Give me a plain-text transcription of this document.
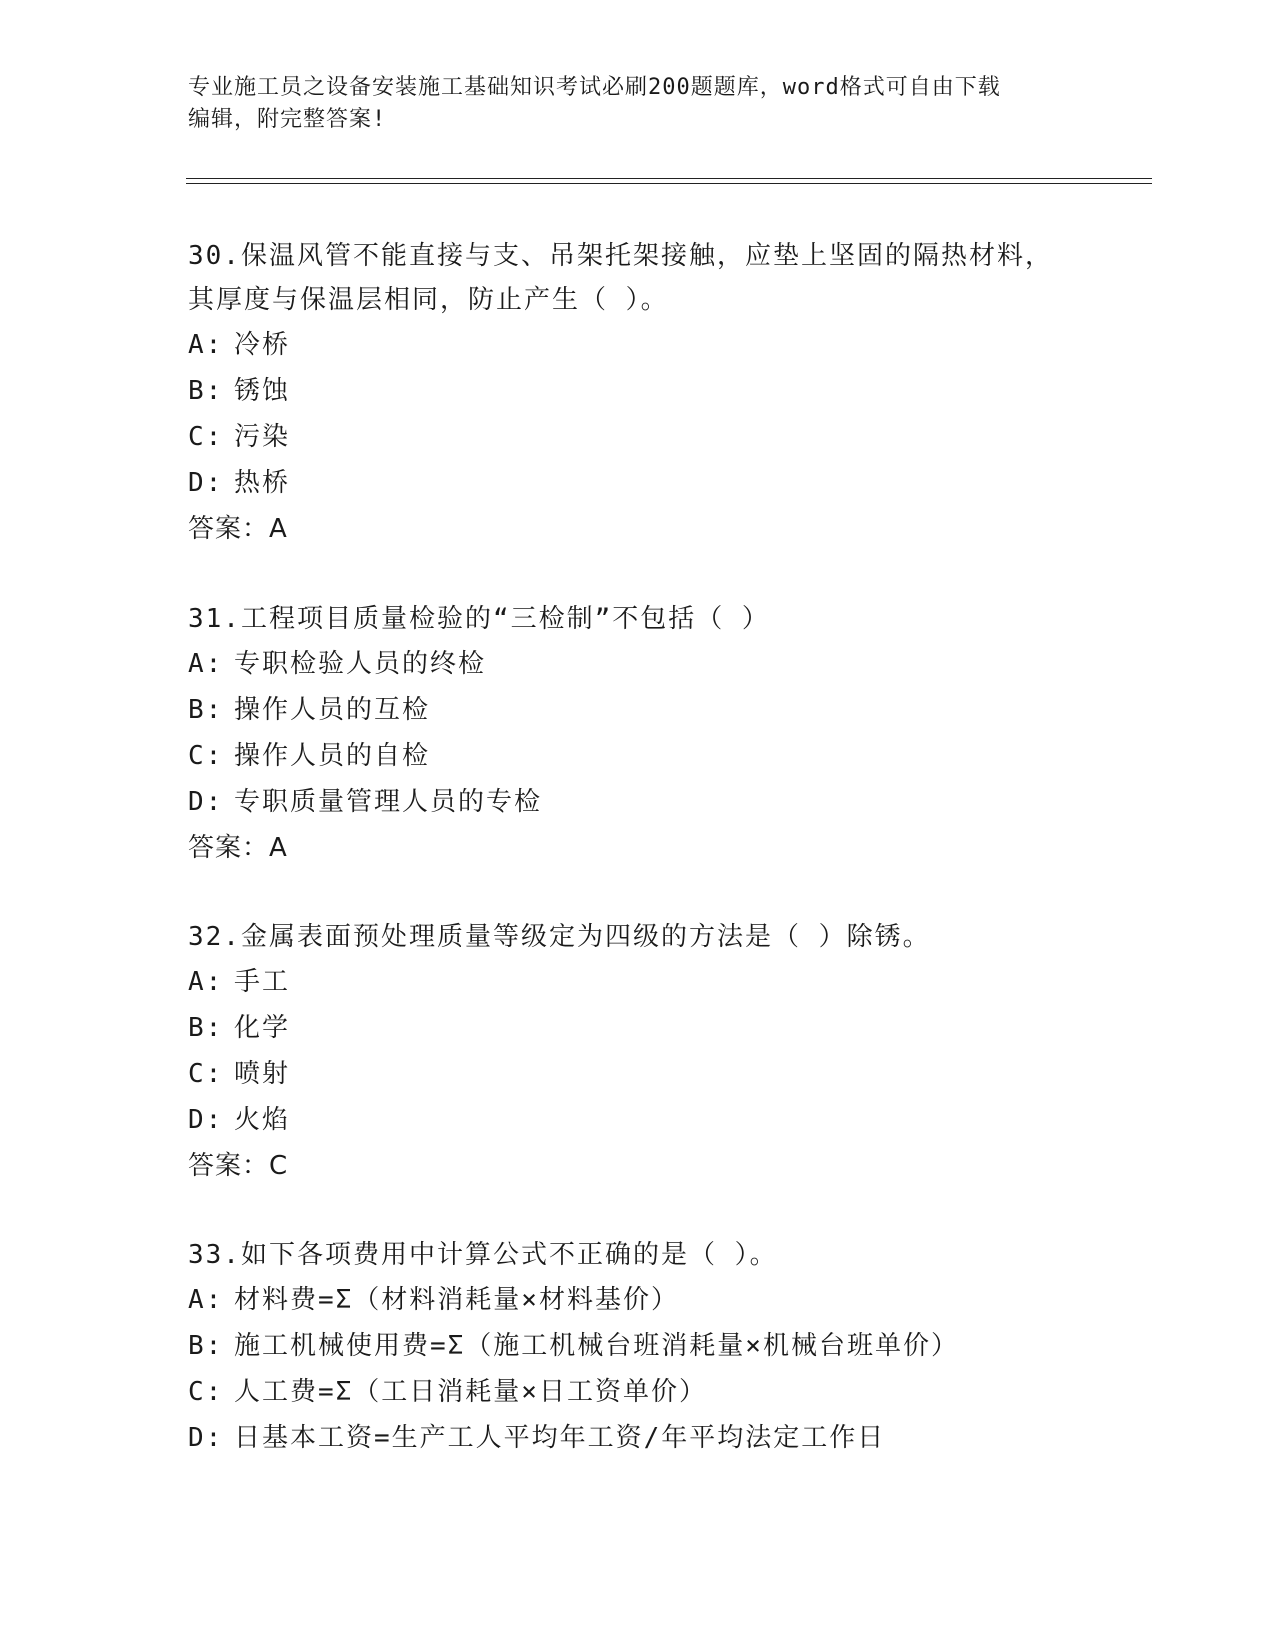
专业施工员之设备安装施工基础知识考试必刷200题题库，word格式可自由下载
编辑，附完整答案!
30.保温风管不能直接与支、吊架托架接触，应垫上坚固的隔热材料，
其厚度与保温层相同，防止产生（ ）。
A: 冷桥
B: 锈蚀
C: 污染
D: 热桥
答案：A
31.工程项目质量检验的“三检制”不包括（ ）
A: 专职检验人员的终检
B: 操作人员的互检
C: 操作人员的自检
D: 专职质量管理人员的专检
答案：A
32.金属表面预处理质量等级定为四级的方法是（ ）除锈。
A: 手工
B: 化学
C: 喷射
D: 火焰
答案：C
33.如下各项费用中计算公式不正确的是（ ）。
A: 材料费=Σ（材料消耗量×材料基价）
B: 施工机械使用费=Σ（施工机械台班消耗量×机械台班单价）
C: 人工费=Σ（工日消耗量×日工资单价）
D: 日基本工资=生产工人平均年工资/年平均法定工作日
